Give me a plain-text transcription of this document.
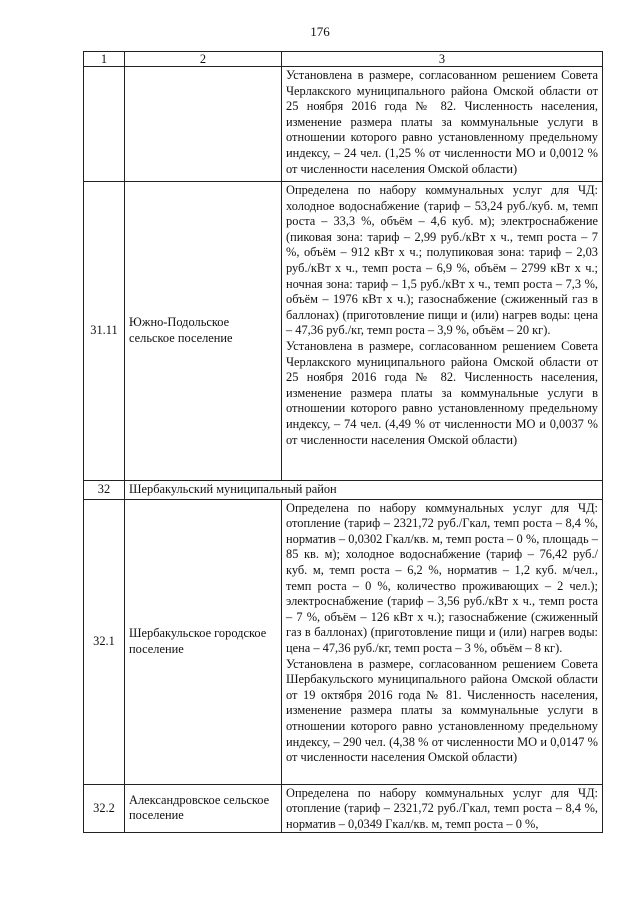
176
1	2	3

		Установлена в размере, согласованном решением Совета Черлакского муниципального района Омской области от 25 ноября 2016 года № 82. Численность населения, изменение размера платы за коммунальные услуги в отношении которого равно установленному предельному индексу, – 24 чел. (1,25 % от численности МО и 0,0012 % от численности населения Омской области)

31.11	Южно-Подольское сельское поселение	Определена по набору коммунальных услуг для ЧД: холодное водоснабжение (тариф – 53,24 руб./куб. м, темп роста – 33,3 %, объём – 4,6 куб. м); электроснабжение (пиковая зона: тариф – 2,99 руб./кВт х ч., темп роста – 7 %, объём – 912 кВт х ч.; полупиковая зона: тариф – 2,03 руб./кВт х ч., темп роста – 6,9 %, объём – 2799 кВт х ч.; ночная зона: тариф – 1,5 руб./кВт х ч., темп роста – 7,3 %, объём – 1976 кВт х ч.); газоснабжение (сжиженный газ в баллонах) (приготовление пищи и (или) нагрев воды: цена – 47,36 руб./кг, темп роста – 3,9 %, объём – 20 кг).

Установлена в размере, согласованном решением Совета Черлакского муниципального района Омской области от 25 ноября 2016 года № 82. Численность населения, изменение размера платы за коммунальные услуги в отношении которого равно установленному предельному индексу, – 74 чел. (4,49 % от численности МО и 0,0037 % от численности населения Омской области)

32	Шербакульский муниципальный район	
32.1	Шербакульское городское поселение	Определена по набору коммунальных услуг для ЧД: отопление (тариф – 2321,72 руб./Гкал, темп роста – 8,4 %, норматив – 0,0302 Гкал/кв. м, темп роста – 0 %, площадь – 85 кв. м); холодное водоснабжение (тариф – 76,42 руб./куб. м, темп роста – 6,2 %, норматив – 1,2 куб. м/чел., темп роста – 0 %, количество проживающих – 2 чел.); электроснабжение (тариф – 3,56 руб./кВт х ч., темп роста – 7 %, объём – 126 кВт х ч.); газоснабжение (сжиженный газ в баллонах) (приготовление пищи и (или) нагрев воды: цена – 47,36 руб./кг, темп роста – 3 %, объём – 8 кг).

Установлена в размере, согласованном решением Совета Шербакульского муниципального района Омской области от 19 октября 2016 года № 81. Численность населения, изменение размера платы за коммунальные услуги в отношении которого равно установленному предельному индексу, – 290 чел. (4,38 % от численности МО и 0,0147 % от численности населения Омской области)

32.2	Александровское сельское поселение	Определена по набору коммунальных услуг для ЧД: отопление (тариф – 2321,72 руб./Гкал, темп роста – 8,4 %, норматив – 0,0349 Гкал/кв. м, темп роста – 0 %,
